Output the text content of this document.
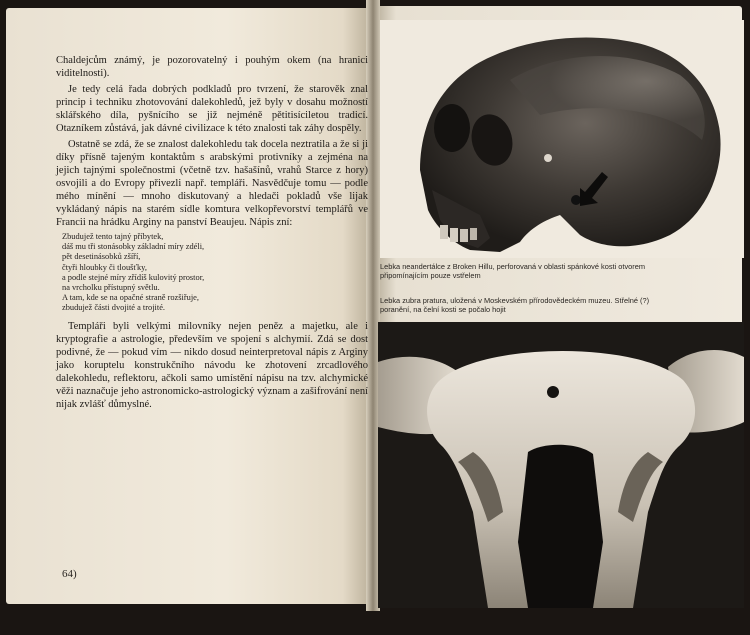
Chaldejcům známý, je pozorovatelný i pouhým okem (na hranici viditelnosti).

Je tedy celá řada dobrých podkladů pro tvrzení, že starověk znal princip i techniku zhotovování dalekohledů, jež byly v dosahu možností sklářského díla, pyšnícího se již nejméně pětitisíciletou tradicí. Otazníkem zůstává, jak dávné civilizace k této znalosti tak záhy dospěly.

Ostatně se zdá, že se znalost dalekohledu tak docela neztratila a že si ji díky přísně tajeným kontaktům s arabskými protivníky a zejména na jejich tajnými společnostmi (včetně tzv. hašašínů, vrahů Starce z hory) osvojili a do Evropy přivezli např. templáři. Nasvědčuje tomu — podle mého mínění — mnoho diskutovaný a hledači pokladů vše lijak vykládaný nápis na starém sídle komtura velkopřevorství templářů ve Francii na hrádku Arginy na panství Beaujeu. Nápis zní:

Zbudujež tento tajný příbytek,
dáš mu tři stonásobky základní míry zdéli,
pět desetinásobků zšíří,
čtyři hloubky či tloušťky,
a podle stejné míry zřídíš kulovitý prostor,
na vrcholku přístupný světlu.
A tam, kde se na opačné straně rozšiřuje,
zbudujež části dvojité a trojité.

Templáři byli velkými milovníky nejen peněz a majetku, ale i kryptografie a astrologie, především ve spojení s alchymií. Zdá se dost podivné, že — pokud vím — nikdo dosud neinterpretoval nápis z Arginy jako koruptelu konstrukčního návodu ke zhotovení zrcadlového dalekohledu, reflektoru, ačkoli samo umístění nápisu na tzv. alchymické věži naznačuje jeho astronomicko-astrologický význam a zašifrování není nijak zvlášť důmyslné.

64)
Lebka neandertálce z Broken Hillu, perforovaná v oblasti spánkové kosti otvorem
připomínajícím pouze vstřelem
Lebka zubra pratura, uložená v Moskevském přírodovědeckém muzeu. Střelné (?)
poranění, na čelní kosti se počalo hojit
